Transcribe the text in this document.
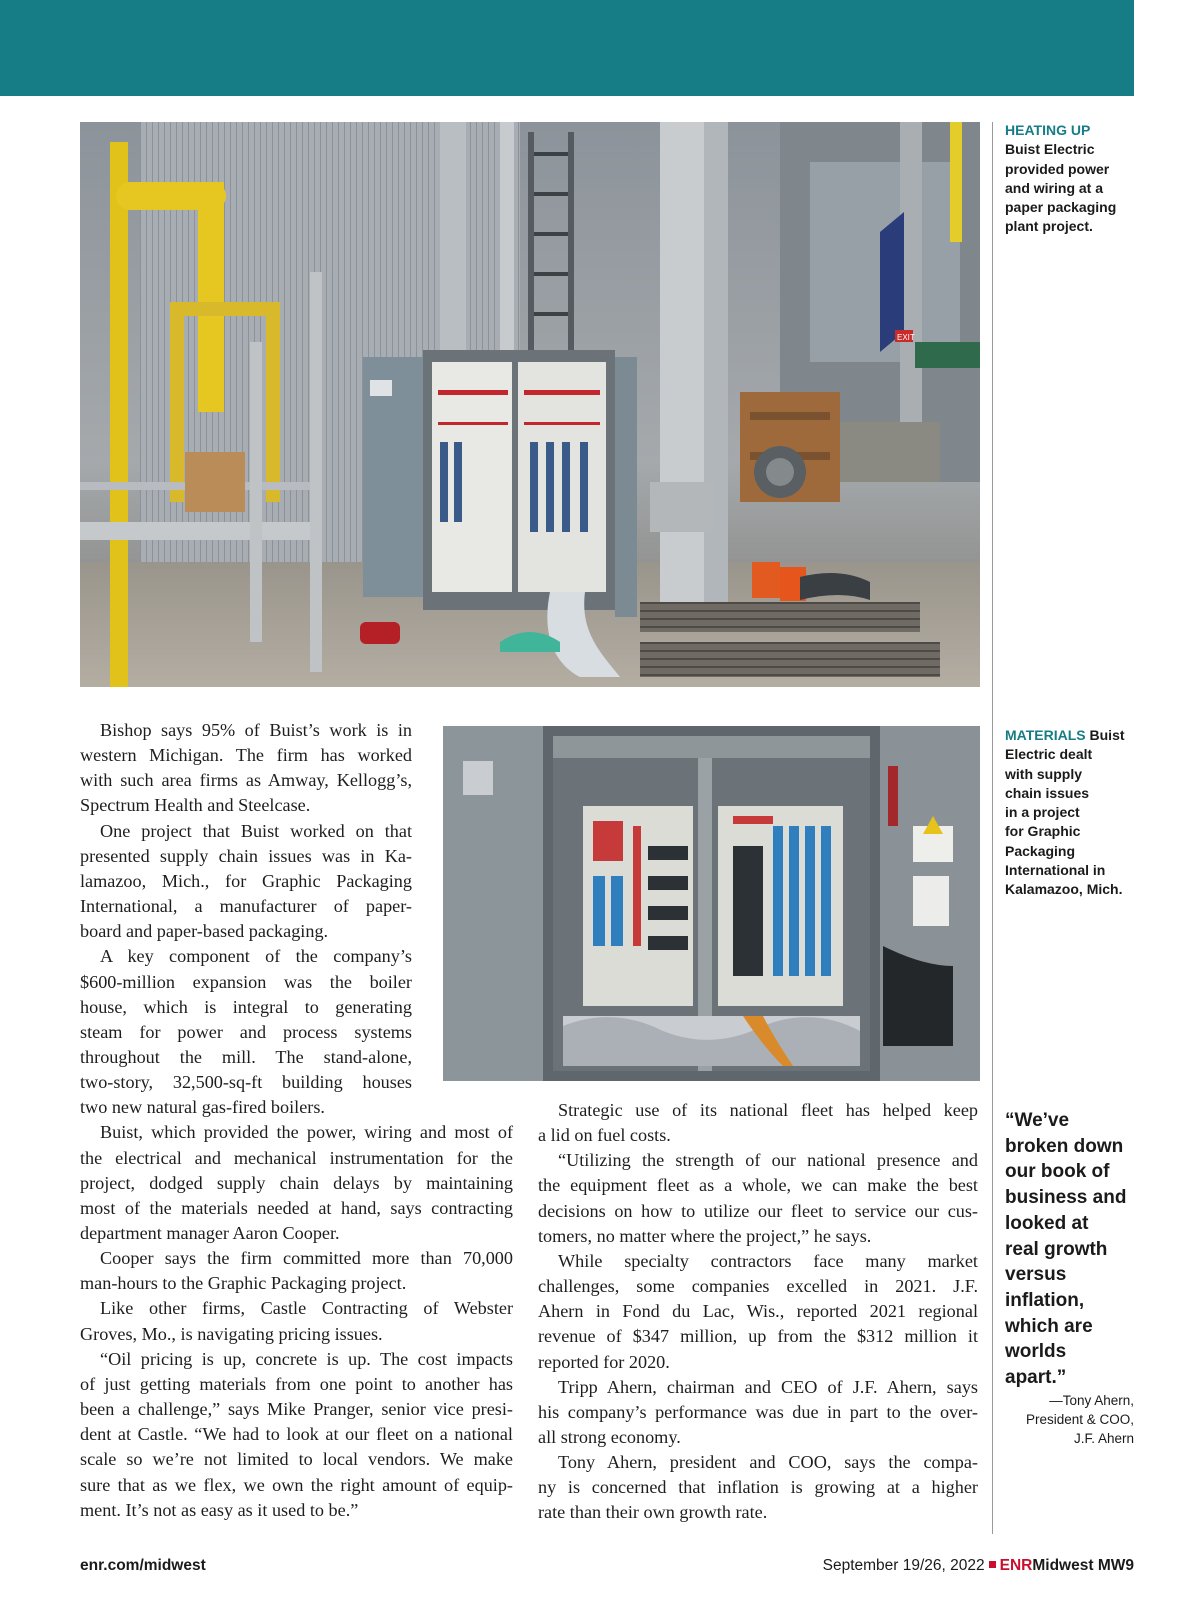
EXIT
HEATING UP
Buist Electric
provided power
and wiring at a
paper packaging
plant project.
MATERIALS Buist
Electric dealt
with supply
chain issues
in a project
for Graphic
Packaging
International in
Kalamazoo, Mich.
“We’ve
broken down
our book of
business and
looked at
real growth
versus
inflation,
which are
worlds
apart.”
—Tony Ahern,
President & COO,
J.F. Ahern
Bishop says 95% of Buist’s work is in
western Michigan. The firm has worked
with such area firms as Amway, Kellogg’s,
Spectrum Health and Steelcase.
One project that Buist worked on that
presented supply chain issues was in Ka-
lamazoo, Mich., for Graphic Packaging
International, a manufacturer of paper-
board and paper-based packaging.
A key component of the company’s
$600-million expansion was the boiler
house, which is integral to generating
steam for power and process systems
throughout the mill. The stand-alone,
two-story, 32,500-sq-ft building houses
two new natural gas-fired boilers.
Buist, which provided the power, wiring and most of
the electrical and mechanical instrumentation for the
project, dodged supply chain delays by maintaining
most of the materials needed at hand, says contracting
department manager Aaron Cooper.
Cooper says the firm committed more than 70,000
man-hours to the Graphic Packaging project.
Like other firms, Castle Contracting of Webster
Groves, Mo., is navigating pricing issues.
“Oil pricing is up, concrete is up. The cost impacts
of just getting materials from one point to another has
been a challenge,” says Mike Pranger, senior vice presi-
dent at Castle. “We had to look at our fleet on a national
scale so we’re not limited to local vendors. We make
sure that as we flex, we own the right amount of equip-
ment. It’s not as easy as it used to be.”
Strategic use of its national fleet has helped keep
a lid on fuel costs.
“Utilizing the strength of our national presence and
the equipment fleet as a whole, we can make the best
decisions on how to utilize our fleet to service our cus-
tomers, no matter where the project,” he says.
While specialty contractors face many market
challenges, some companies excelled in 2021. J.F.
Ahern in Fond du Lac, Wis., reported 2021 regional
revenue of $347 million, up from the $312 million it
reported for 2020.
Tripp Ahern, chairman and CEO of J.F. Ahern, says
his company’s performance was due in part to the over-
all strong economy.
Tony Ahern, president and COO, says the compa-
ny is concerned that inflation is growing at a higher
rate than their own growth rate.
enr.com/midwest	September 19/26, 2022 ENRMidwest MW9
